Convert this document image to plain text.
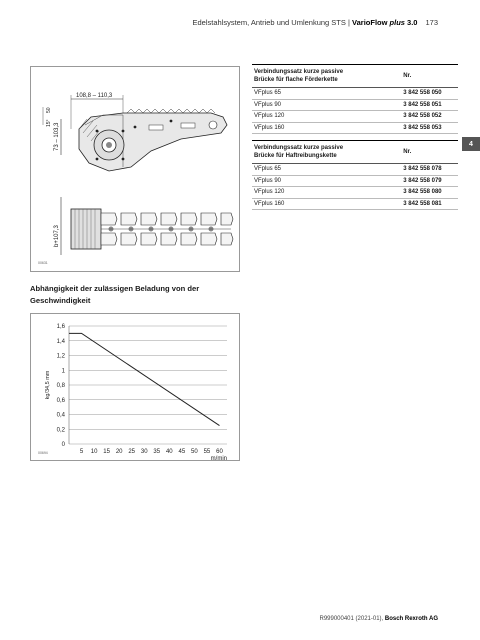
Edelstahlsystem, Antrieb und Umlenkung STS | VarioFlow plus 3.0 173
4
108,8 – 110,3
73 – 103,3
15°
50
b+107,3
00631
Verbindungssatz kurze passive
Brücke für flache Förderkette	Nr.
VFplus 65	3 842 558 050
VFplus 90	3 842 558 051
VFplus 120	3 842 558 052
VFplus 160	3 842 558 053
Verbindungssatz kurze passive
Brücke für Haftreibungskette	Nr.
VFplus 65	3 842 558 078
VFplus 90	3 842 558 079
VFplus 120	3 842 558 080
VFplus 160	3 842 558 081
Abhängigkeit der zulässigen Beladung von der Geschwindigkeit
0
0,2
0,4
0,6
0,8
1
1,2
1,4
1,6
5 10 15 20 25 30 35 40 45 50 55 60
m/min
kg/34,5 mm
00694
R999000401 (2021-01), Bosch Rexroth AG
